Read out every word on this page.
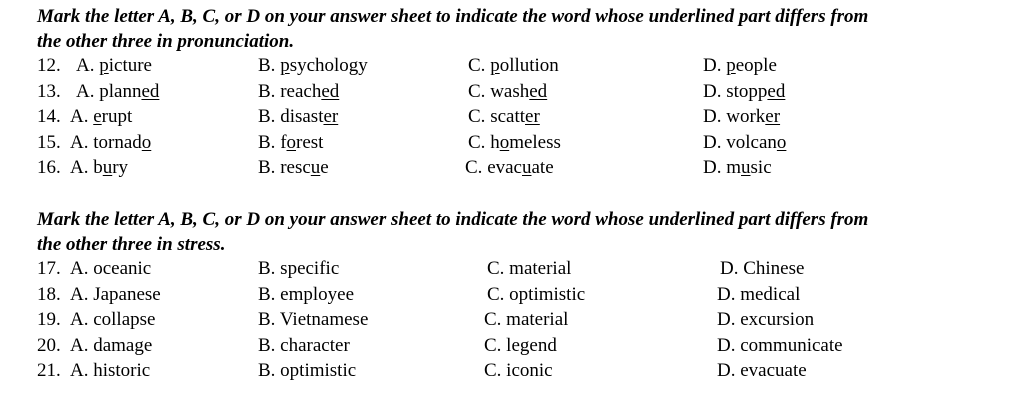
Mark the letter A, B, C, or D on your answer sheet to indicate the word whose underlined part differs from
the other three in pronunciation.

12. A. picture	B. psychology	C. pollution	D. people
13. A. planned	B. reached	C. washed	D. stopped
14. A. erupt	B. disaster	C. scatter	D. worker
15. A. tornado	B. forest	C. homeless	D. volcano
16. A. bury	B. rescue	C. evacuate	D. music

Mark the letter A, B, C, or D on your answer sheet to indicate the word whose underlined part differs from
the other three in stress.

17. A. oceanic	B. specific	C. material	D. Chinese
18. A. Japanese	B. employee	C. optimistic	D. medical
19. A. collapse	B. Vietnamese	C. material	D. excursion
20. A. damage	B. character	C. legend	D. communicate
21. A. historic	B. optimistic	C. iconic	D. evacuate
